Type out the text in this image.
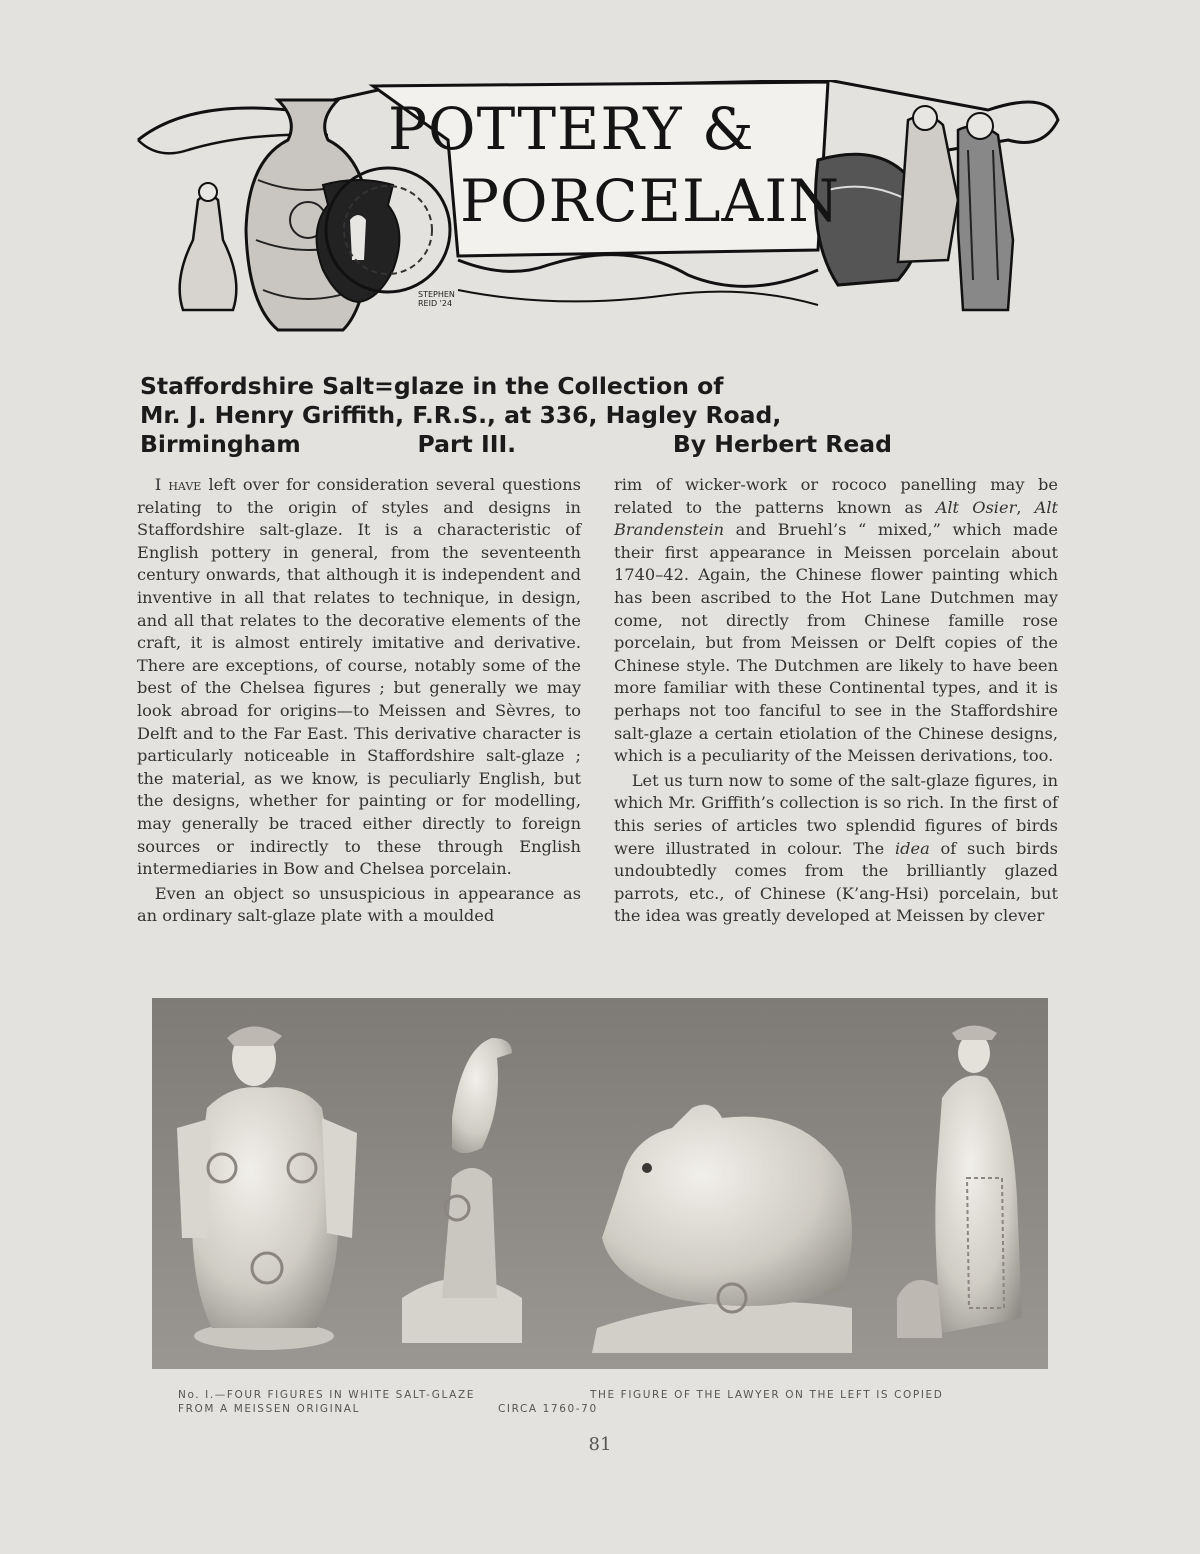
POTTERY &
PORCELAIN
STEPHEN REID '24
Staffordshire Salt=glaze in the Collection of
Mr. J. Henry Griffith, F.R.S., at 336, Hagley Road,
Birmingham	Part III.	By Herbert Read

I have left over for consideration several questions relating to the origin of styles and designs in Staffordshire salt-glaze. It is a characteristic of English pottery in general, from the seventeenth century onwards, that although it is independent and inventive in all that relates to technique, in design, and all that relates to the decorative elements of the craft, it is almost entirely imitative and derivative. There are exceptions, of course, notably some of the best of the Chelsea figures ; but generally we may look abroad for origins—to Meissen and Sèvres, to Delft and to the Far East. This derivative character is particularly noticeable in Staffordshire salt-glaze ; the material, as we know, is peculiarly English, but the designs, whether for painting or for modelling, may generally be traced either directly to foreign sources or indirectly to these through English intermediaries in Bow and Chelsea porcelain.

Even an object so unsuspicious in appearance as an ordinary salt-glaze plate with a moulded

rim of wicker-work or rococo panelling may be related to the patterns known as Alt Osier, Alt Brandenstein and Bruehl’s “ mixed,” which made their first appearance in Meissen porcelain about 1740–42. Again, the Chinese flower painting which has been ascribed to the Hot Lane Dutchmen may come, not directly from Chinese famille rose porcelain, but from Meissen or Delft copies of the Chinese style. The Dutchmen are likely to have been more familiar with these Continental types, and it is perhaps not too fanciful to see in the Staffordshire salt-glaze a certain etiolation of the Chinese designs, which is a peculiarity of the Meissen derivations, too.

Let us turn now to some of the salt-glaze figures, in which Mr. Griffith’s collection is so rich. In the first of this series of articles two splendid figures of birds were illustrated in colour. The idea of such birds undoubtedly comes from the brilliantly glazed parrots, etc., of Chinese (K’ang-Hsi) porcelain, but the idea was greatly developed at Meissen by clever

No. I.—FOUR FIGURES IN WHITE SALT-GLAZE	THE FIGURE OF THE LAWYER ON THE LEFT IS COPIED
FROM A MEISSEN ORIGINAL	CIRCA 1760-70
81
